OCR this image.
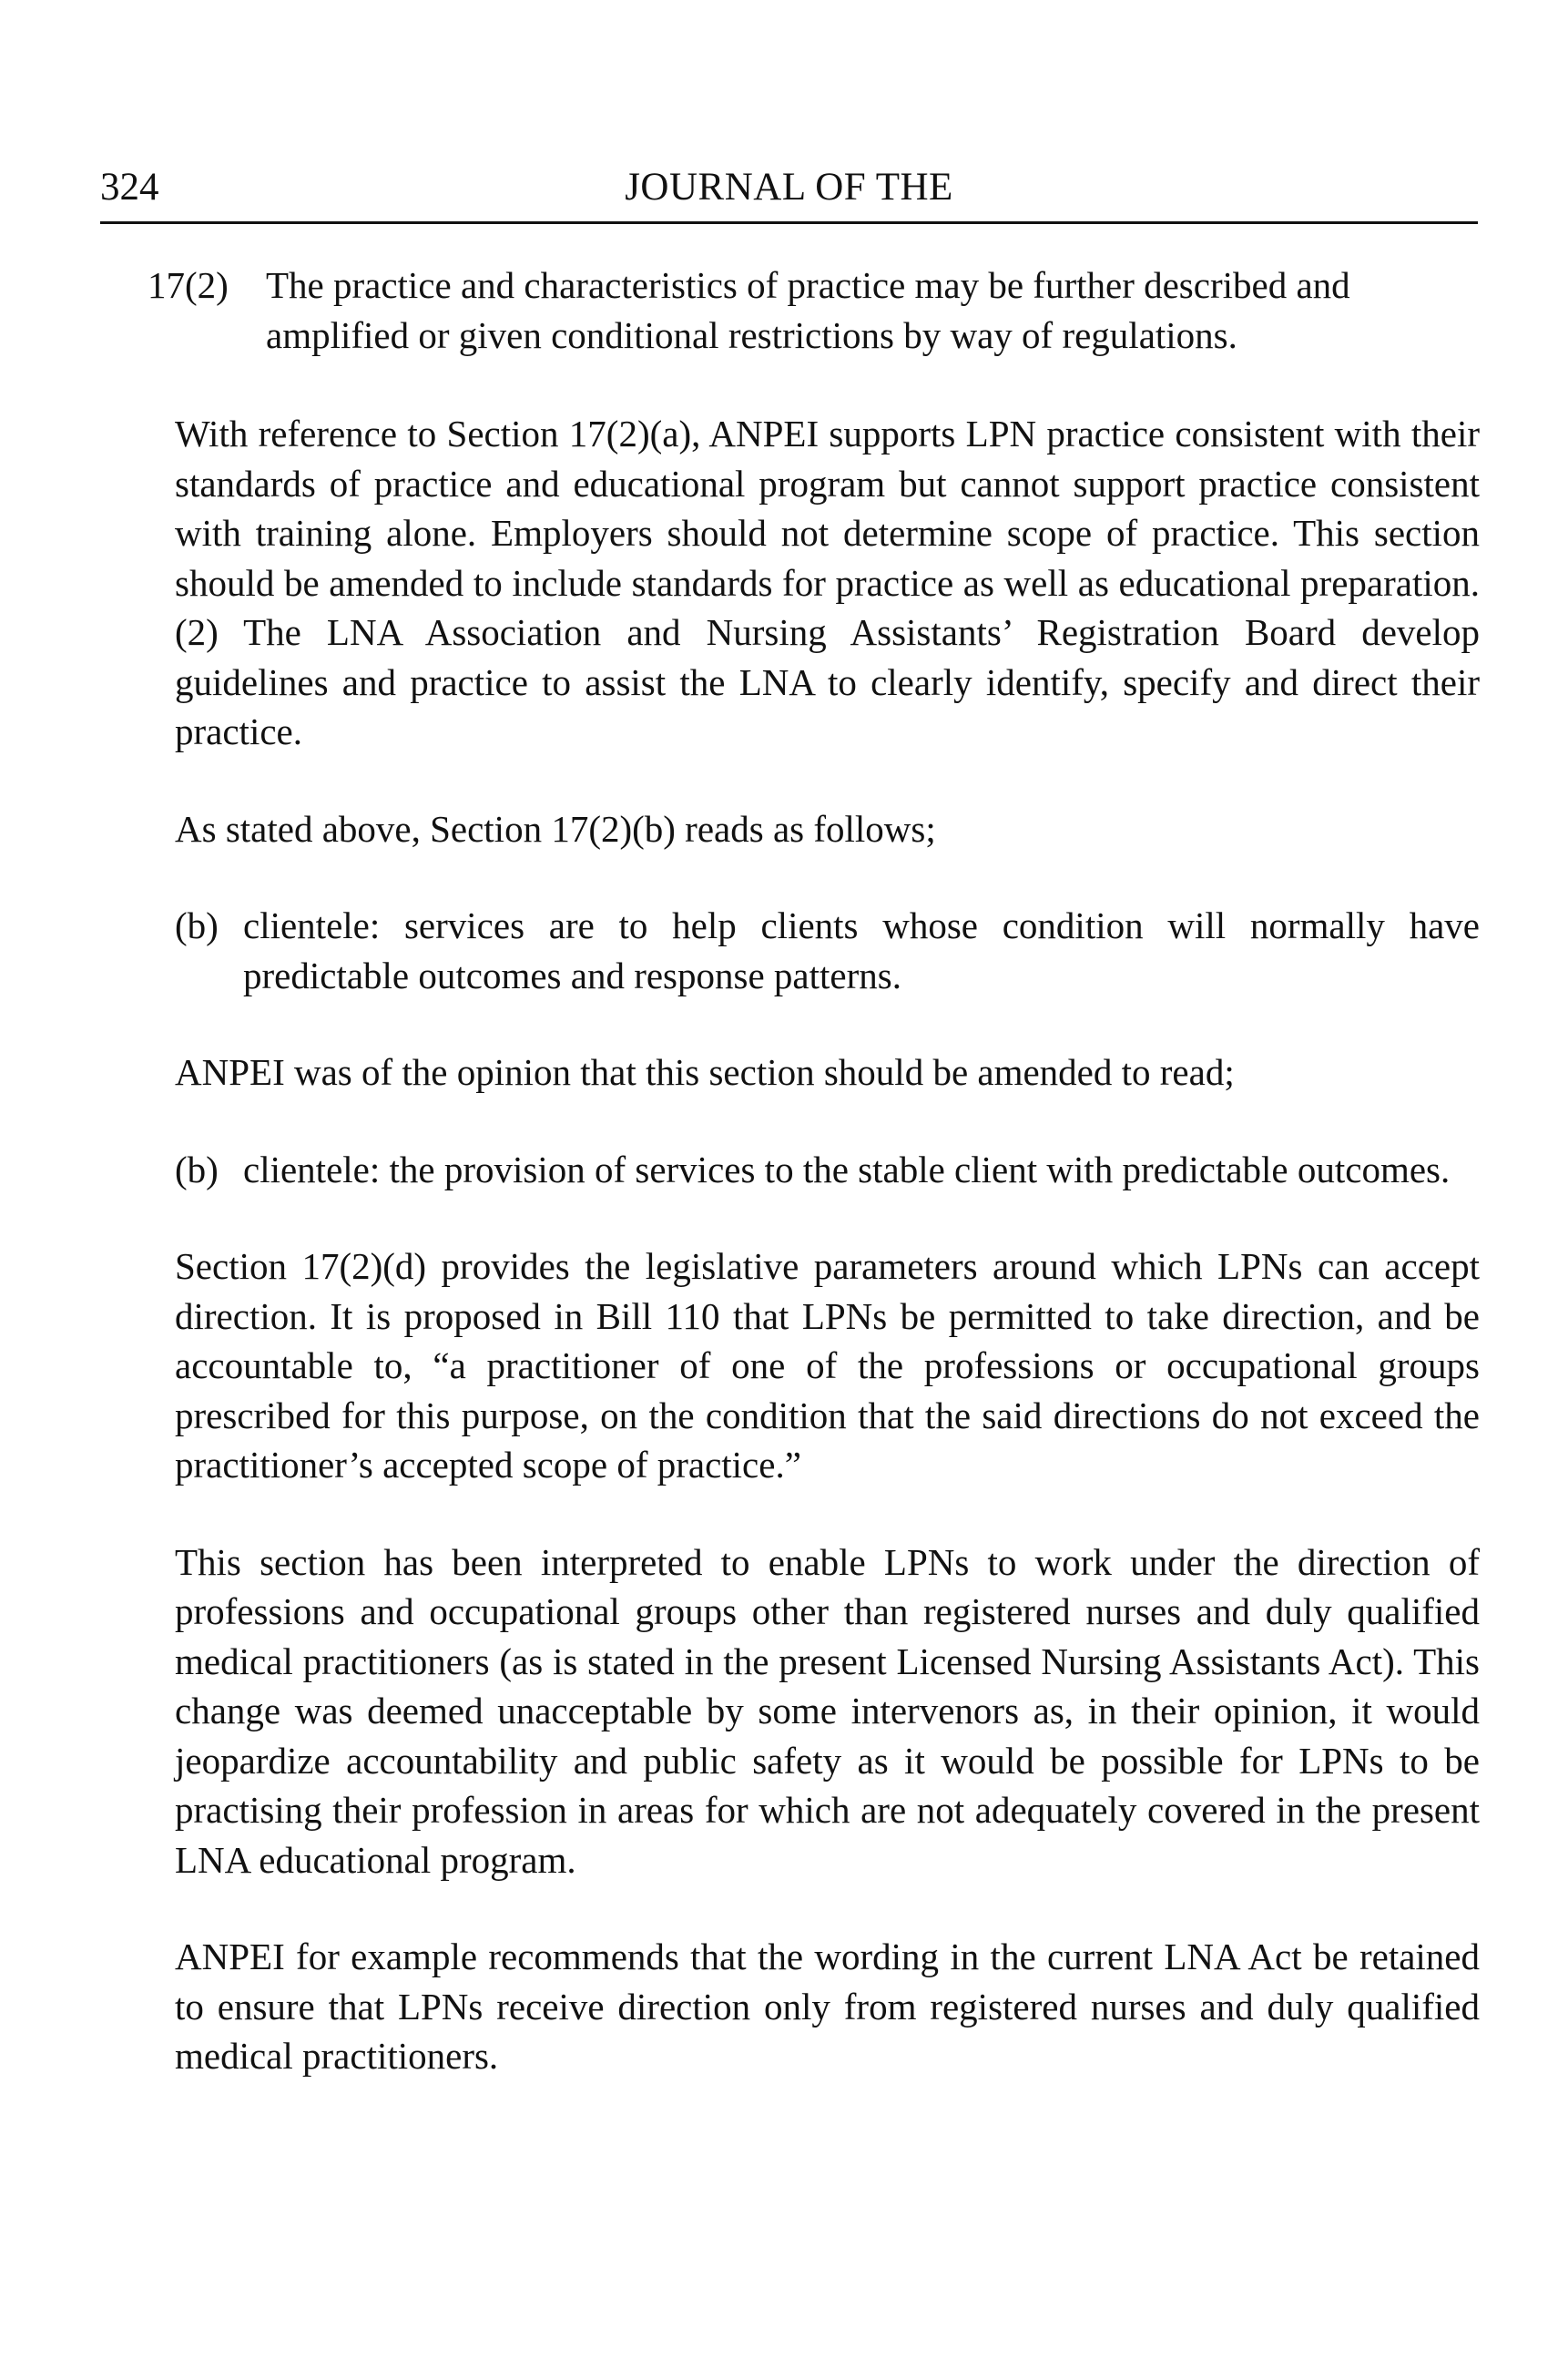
324	JOURNAL OF THE
17(2)	The practice and characteristics of practice may be further described and amplified or given conditional restrictions by way of regulations.

With reference to Section 17(2)(a), ANPEI supports LPN practice consistent with their standards of practice and educational program but cannot support practice consistent with training alone. Employers should not determine scope of practice. This section should be amended to include standards for practice as well as educational preparation. (2) The LNA Association and Nursing Assistants’ Registration Board develop guidelines and practice to assist the LNA to clearly identify, specify and direct their practice.

As stated above, Section 17(2)(b) reads as follows;

(b) clientele: services are to help clients whose condition will normally have predictable outcomes and response patterns.

ANPEI was of the opinion that this section should be amended to read;

(b) clientele: the provision of services to the stable client with predictable outcomes.

Section 17(2)(d) provides the legislative parameters around which LPNs can accept direction. It is proposed in Bill 110 that LPNs be permitted to take direction, and be accountable to, “a practitioner of one of the professions or occupational groups prescribed for this purpose, on the condition that the said directions do not exceed the practitioner’s accepted scope of practice.”

This section has been interpreted to enable LPNs to work under the direction of professions and occupational groups other than registered nurses and duly qualified medical practitioners (as is stated in the present Licensed Nursing Assistants Act). This change was deemed unacceptable by some intervenors as, in their opinion, it would jeopardize accountability and public safety as it would be possible for LPNs to be practising their profession in areas for which are not adequately covered in the present LNA educational program.

ANPEI for example recommends that the wording in the current LNA Act be retained to ensure that LPNs receive direction only from registered nurses and duly qualified medical practitioners.
